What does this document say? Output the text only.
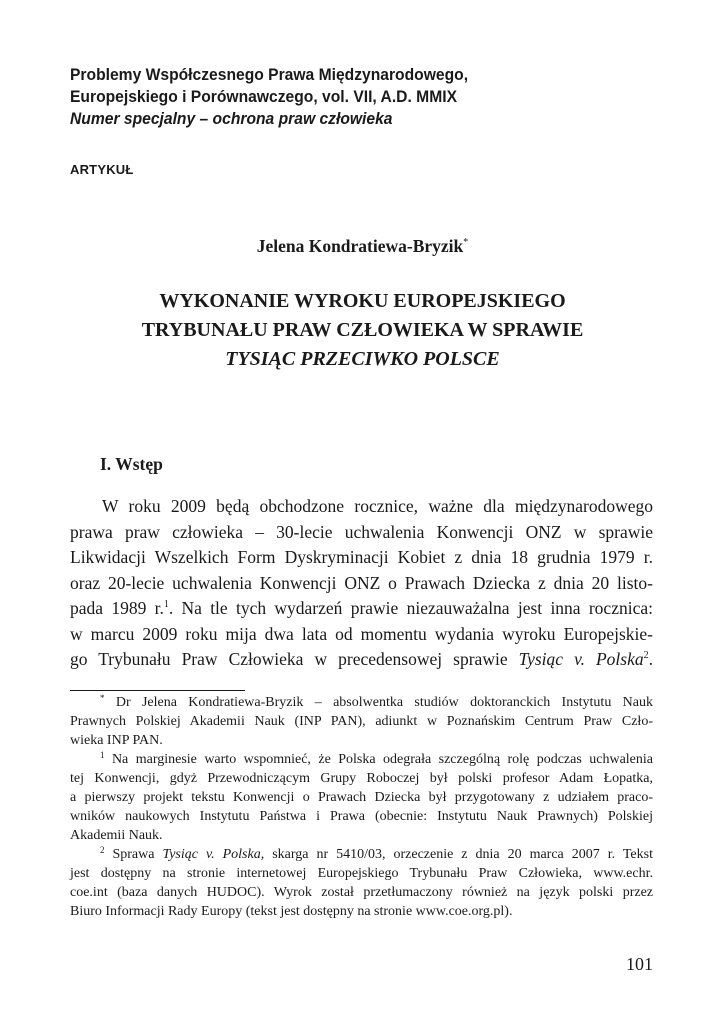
Problemy Współczesnego Prawa Międzynarodowego,
Europejskiego i Porównawczego, vol. VII, A.D. MMIX
Numer specjalny – ochrona praw człowieka
ARTYKUŁ
Jelena Kondratiewa-Bryzik*
WYKONANIE WYROKU EUROPEJSKIEGO
TRYBUNAŁU PRAW CZŁOWIEKA W SPRAWIE
TYSIĄC PRZECIWKO POLSCE
I. Wstęp
W roku 2009 będą obchodzone rocznice, ważne dla międzynarodowego
prawa praw człowieka – 30-lecie uchwalenia Konwencji ONZ w sprawie
Likwidacji Wszelkich Form Dyskryminacji Kobiet z dnia 18 grudnia 1979 r.
oraz 20-lecie uchwalenia Konwencji ONZ o Prawach Dziecka z dnia 20 listo-
pada 1989 r.$^1$. Na tle tych wydarzeń prawie niezauważalna jest inna rocznica:
w marcu 2009 roku mija dwa lata od momentu wydania wyroku Europejskie-
go Trybunału Praw Człowieka w precedensowej sprawie Tysiąc v. Polska$^2$.
* Dr Jelena Kondratiewa-Bryzik – absolwentka studiów doktoranckich Instytutu Nauk
Prawnych Polskiej Akademii Nauk (INP PAN), adiunkt w Poznańskim Centrum Praw Czło-
wieka INP PAN.
$^1$ Na marginesie warto wspomnieć, że Polska odegrała szczególną rolę podczas uchwalenia
tej Konwencji, gdyż Przewodniczącym Grupy Roboczej był polski profesor Adam Łopatka,
a pierwszy projekt tekstu Konwencji o Prawach Dziecka był przygotowany z udziałem praco-
wników naukowych Instytutu Państwa i Prawa (obecnie: Instytutu Nauk Prawnych) Polskiej
Akademii Nauk.
$^2$ Sprawa Tysiąc v. Polska, skarga nr 5410/03, orzeczenie z dnia 20 marca 2007 r. Tekst
jest dostępny na stronie internetowej Europejskiego Trybunału Praw Człowieka, www.echr.
coe.int (baza danych HUDOC). Wyrok został przetłumaczony również na język polski przez
Biuro Informacji Rady Europy (tekst jest dostępny na stronie www.coe.org.pl).
101
